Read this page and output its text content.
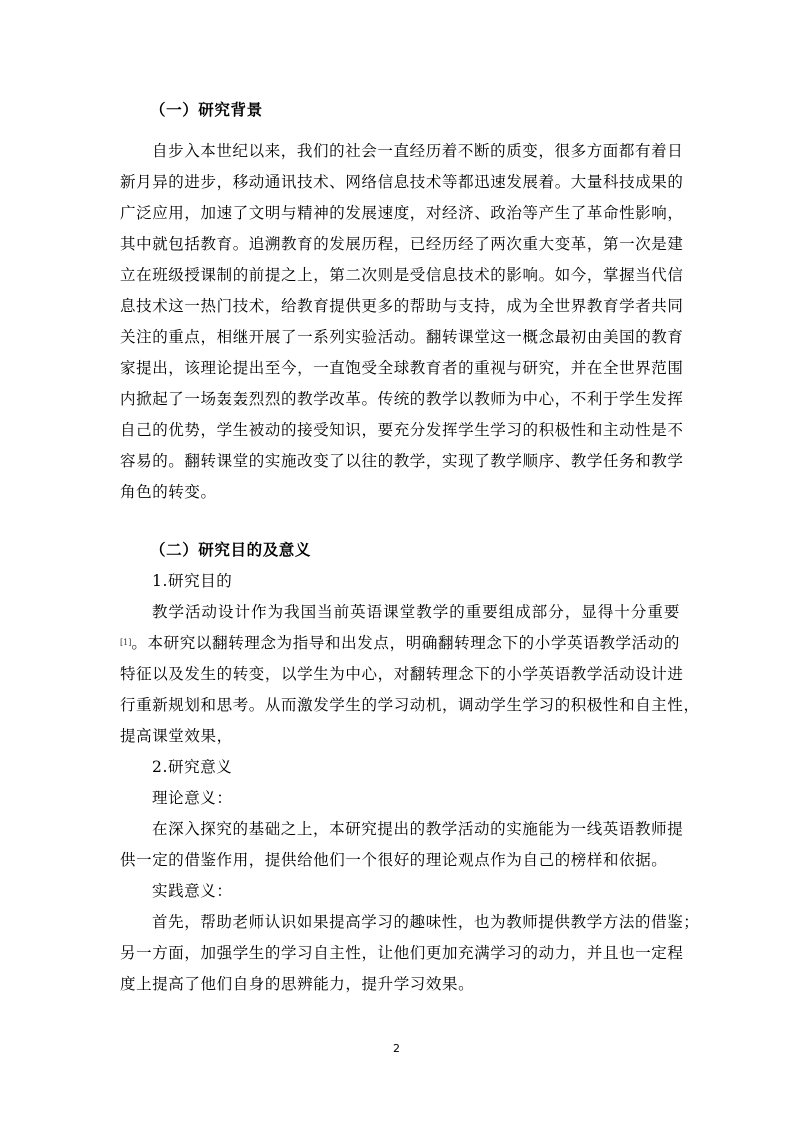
（一）研究背景
自步入本世纪以来，我们的社会一直经历着不断的质变，很多方面都有着日
新月异的进步，移动通讯技术、网络信息技术等都迅速发展着。大量科技成果的
广泛应用，加速了文明与精神的发展速度，对经济、政治等产生了革命性影响，
其中就包括教育。追溯教育的发展历程，已经历经了两次重大变革，第一次是建
立在班级授课制的前提之上，第二次则是受信息技术的影响。如今，掌握当代信
息技术这一热门技术，给教育提供更多的帮助与支持，成为全世界教育学者共同
关注的重点，相继开展了一系列实验活动。翻转课堂这一概念最初由美国的教育
家提出，该理论提出至今，一直饱受全球教育者的重视与研究，并在全世界范围
内掀起了一场轰轰烈烈的教学改革。传统的教学以教师为中心，不利于学生发挥
自己的优势，学生被动的接受知识，要充分发挥学生学习的积极性和主动性是不
容易的。翻转课堂的实施改变了以往的教学，实现了教学顺序、教学任务和教学
角色的转变。
（二）研究目的及意义
1.研究目的
教学活动设计作为我国当前英语课堂教学的重要组成部分，显得十分重要
[1]。本研究以翻转理念为指导和出发点，明确翻转理念下的小学英语教学活动的
特征以及发生的转变，以学生为中心，对翻转理念下的小学英语教学活动设计进
行重新规划和思考。从而激发学生的学习动机，调动学生学习的积极性和自主性，
提高课堂效果，
2.研究意义
理论意义：
在深入探究的基础之上，本研究提出的教学活动的实施能为一线英语教师提
供一定的借鉴作用，提供给他们一个很好的理论观点作为自己的榜样和依据。
实践意义：
首先，帮助老师认识如果提高学习的趣味性，也为教师提供教学方法的借鉴；
另一方面，加强学生的学习自主性，让他们更加充满学习的动力，并且也一定程
度上提高了他们自身的思辨能力，提升学习效果。
2
